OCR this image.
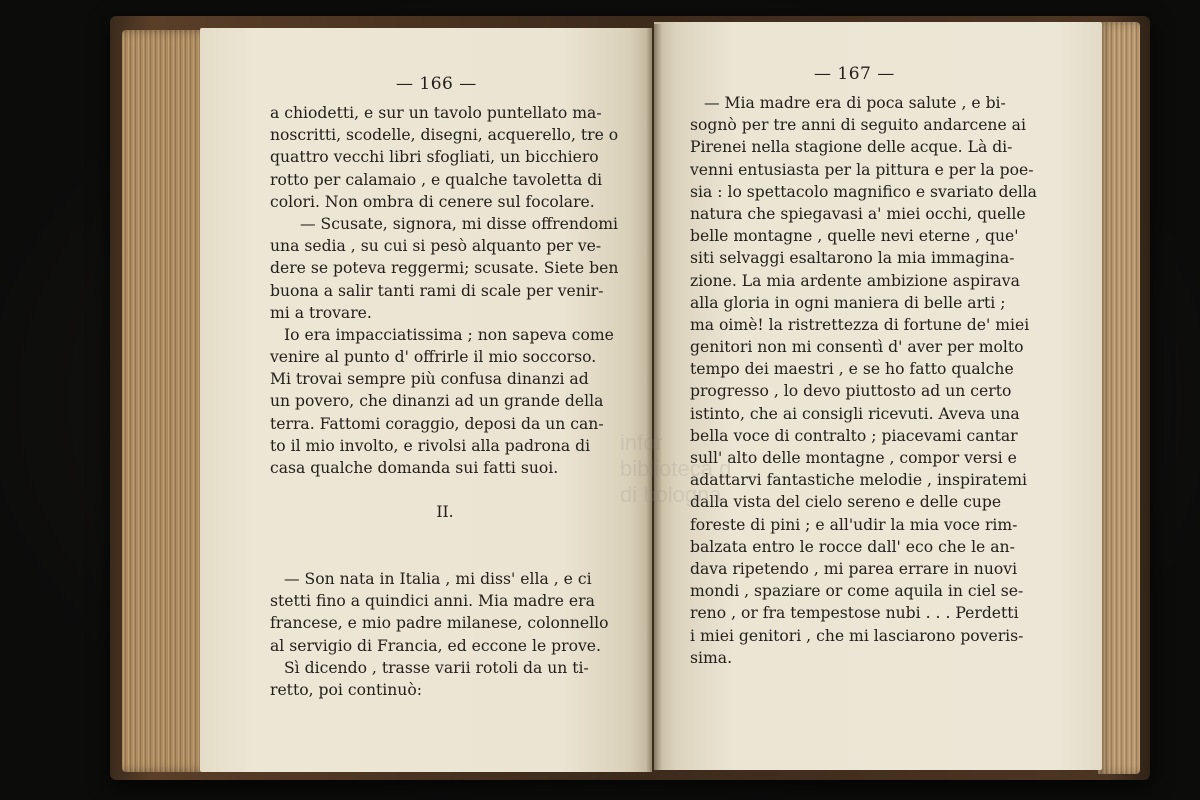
— 166 —
a chiodetti, e sur un tavolo puntellato ma-
noscritti, scodelle, disegni, acquerello, tre o
quattro vecchi libri sfogliati, un bicchiero
rotto per calamaio , e qualche tavoletta di
colori. Non ombra di cenere sul focolare.
— Scusate, signora, mi disse offrendomi
una sedia , su cui si pesò alquanto per ve-
dere se poteva reggermi; scusate. Siete ben
buona a salir tanti rami di scale per venir-
mi a trovare.
Io era impacciatissima ; non sapeva come
venire al punto d' offrirle il mio soccorso.
Mi trovai sempre più confusa dinanzi ad
un povero, che dinanzi ad un grande della
terra. Fattomi coraggio, deposi da un can-
to il mio involto, e rivolsi alla padrona di
casa qualche domanda sui fatti suoi.
II.
— Son nata in Italia , mi diss' ella , e ci
stetti fino a quindici anni. Mia madre era
francese, e mio padre milanese, colonnello
al servigio di Francia, ed eccone le prove.
Sì dicendo , trasse varii rotoli da un ti-
retto, poi continuò:
— 167 —
— Mia madre era di poca salute , e bi-
sognò per tre anni di seguito andarcene ai
Pirenei nella stagione delle acque. Là di-
venni entusiasta per la pittura e per la poe-
sia : lo spettacolo magnifico e svariato della
natura che spiegavasi a' miei occhi, quelle
belle montagne , quelle nevi eterne , que'
siti selvaggi esaltarono la mia immagina-
zione. La mia ardente ambizione aspirava
alla gloria in ogni maniera di belle arti ;
ma oimè! la ristrettezza di fortune de' miei
genitori non mi consentì d' aver per molto
tempo dei maestri , e se ho fatto qualche
progresso , lo devo piuttosto ad un certo
istinto, che ai consigli ricevuti. Aveva una
bella voce di contralto ; piacevami cantar
sull' alto delle montagne , compor versi e
adattarvi fantastiche melodie , inspiratemi
dalla vista del cielo sereno e delle cupe
foreste di pini ; e all'udir la mia voce rim-
balzata entro le rocce dall' eco che le an-
dava ripetendo , mi parea errare in nuovi
mondi , spaziare or come aquila in ciel se-
reno , or fra tempestose nubi . . . Perdetti
i miei genitori , che mi lasciarono poveris-
sima.
